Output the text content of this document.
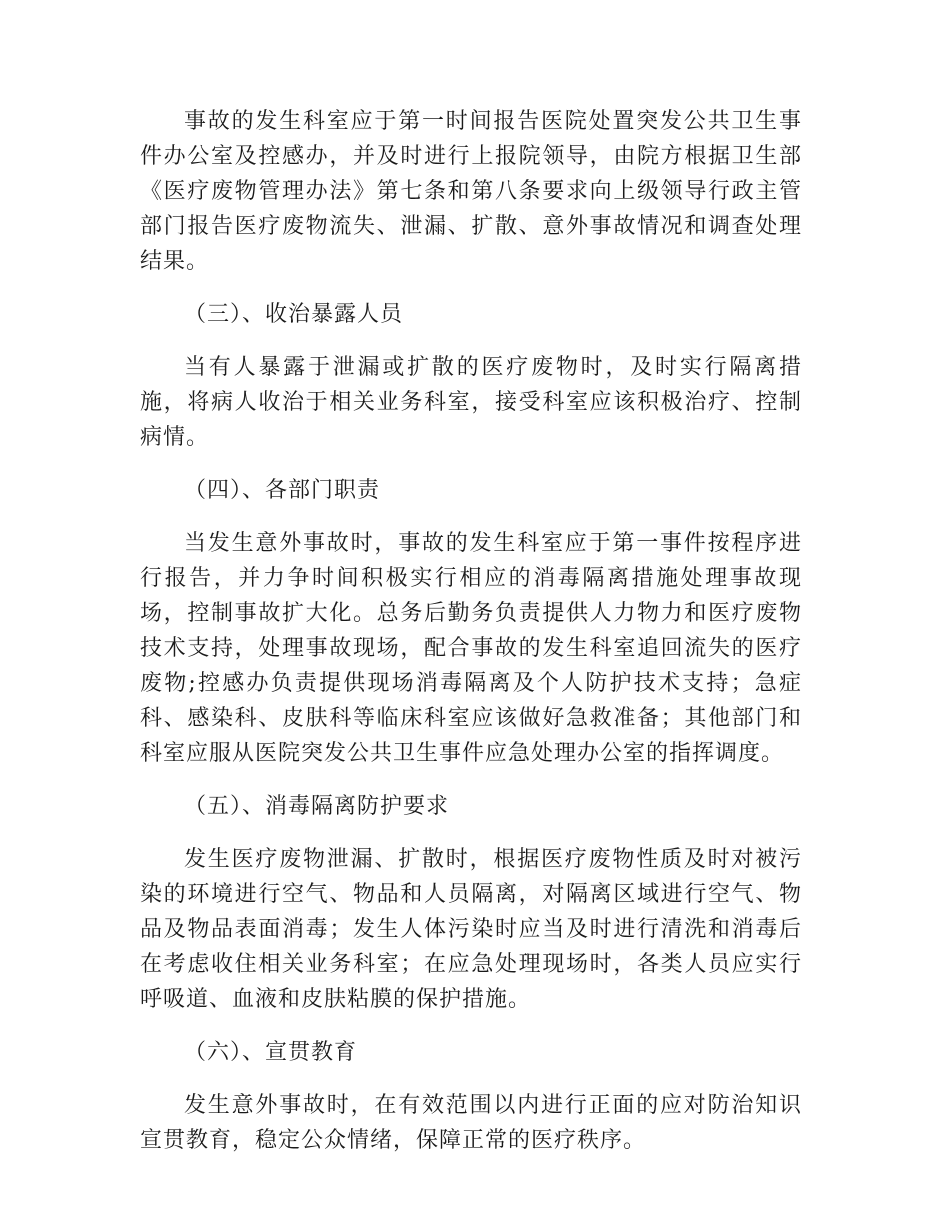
事故的发生科室应于第一时间报告医院处置突发公共卫生事件办公室及控感办，并及时进行上报院领导，由院方根据卫生部《医疗废物管理办法》第七条和第八条要求向上级领导行政主管部门报告医疗废物流失、泄漏、扩散、意外事故情况和调查处理结果。

（三）、收治暴露人员

当有人暴露于泄漏或扩散的医疗废物时，及时实行隔离措施，将病人收治于相关业务科室，接受科室应该积极治疗、控制病情。

（四）、各部门职责

当发生意外事故时，事故的发生科室应于第一事件按程序进行报告，并力争时间积极实行相应的消毒隔离措施处理事故现场，控制事故扩大化。总务后勤务负责提供人力物力和医疗废物技术支持，处理事故现场，配合事故的发生科室追回流失的医疗废物;控感办负责提供现场消毒隔离及个人防护技术支持；急症科、感染科、皮肤科等临床科室应该做好急救准备；其他部门和科室应服从医院突发公共卫生事件应急处理办公室的指挥调度。

（五）、消毒隔离防护要求

发生医疗废物泄漏、扩散时，根据医疗废物性质及时对被污染的环境进行空气、物品和人员隔离，对隔离区域进行空气、物品及物品表面消毒；发生人体污染时应当及时进行清洗和消毒后在考虑收住相关业务科室；在应急处理现场时，各类人员应实行呼吸道、血液和皮肤粘膜的保护措施。

（六）、宣贯教育

发生意外事故时，在有效范围以内进行正面的应对防治知识宣贯教育，稳定公众情绪，保障正常的医疗秩序。
